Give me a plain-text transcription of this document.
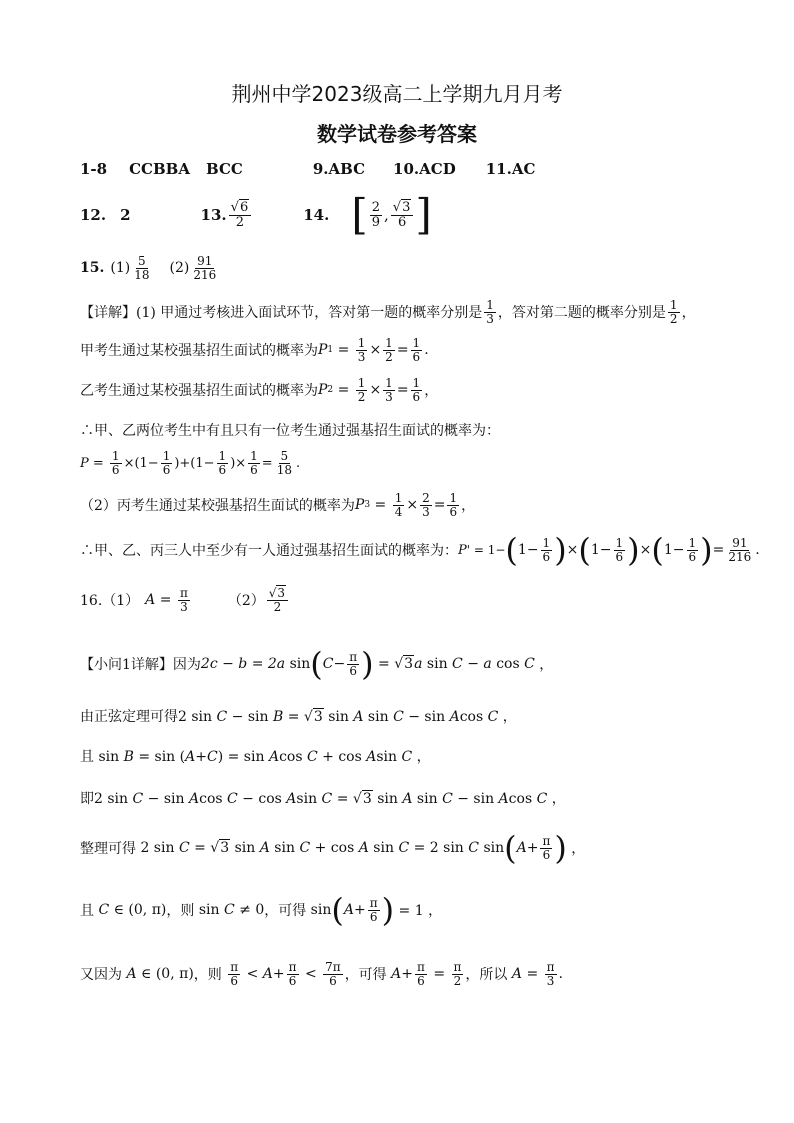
荆州中学2023级高二上学期九月月考
数学试卷参考答案
1-8 CCBBA BCC	9.ABC 10.ACD 11.AC
12. 2	13. $\frac{√6}{2}$	14. [ $\frac{2}{9}$ , $\frac{√3}{6}$ ]
15. $(1) \frac{5}{18} (2) \frac{91}{216}$
【详解】(1) 甲通过考核进入面试环节，答对第一题的概率分别是 $\frac{1}{3}$ ，答对第二题的概率分别是 $\frac{1}{2}$ ，
甲考生通过某校强基招生面试的概率为 P $1 = \frac{1}{3} \times \frac{1}{2} = \frac{1}{6}$ .
乙考生通过某校强基招生面试的概率为 P $2 = \frac{1}{2} \times \frac{1}{3} = \frac{1}{6}$ ，
∴甲、乙两位考生中有且只有一位考生通过强基招生面试的概率为：
$P = \frac{1}{6} \times(1- \frac{1}{6} )+(1- \frac{1}{6}$ )× $\frac{1}{6} = \frac{5}{18}$ .
（2）丙考生通过某校强基招生面试的概率为 P $3 = \frac{1}{4} \times \frac{2}{3} = \frac{1}{6}$ ，
∴甲、乙、丙三人中至少有一人通过强基招生面试的概率为： P ' = 1− ( $1- \frac{1}{6}$ ) × ( $1- \frac{1}{6}$ ) × ( $1- \frac{1}{6}$ ) = $\frac{91}{216}$ .
16.（1） $A = \frac{\pi}{3}$	$(2) \frac{√3}{2}$
【小问1详解】因为 2c − b = 2a sin ( $C - \frac{\pi}{6}$ ) = √3 a sin C − a cos C ，
由正弦定理可得2 sin C − sin B = √3 sin A sin C − sin Acos C ，
且 sin B = sin (A+C) = sin Acos C + cos Asin C ，
即2 sin C − sin Acos C − cos Asin C = √3 sin A sin C − sin Acos C ，
整理可得 2 sin C = √3 sin A sin C + cos A sin C = 2 sin C sin ( $A + \frac{\pi}{6}$ ) ，
且
C ∈ (0, π) ，则 sin C ≠ 0 ，可得 sin ( $A + \frac{\pi}{6}$ ) = 1 ，
又因为
A ∈ (0, π) ，则
$\frac{\pi}{6} < A + \frac{\pi}{6} < \frac{7\pi}{6}$ ，可得
$A + \frac{\pi}{6} = \frac{\pi}{2}$ ，所以
$A = \frac{\pi}{3}$ .
